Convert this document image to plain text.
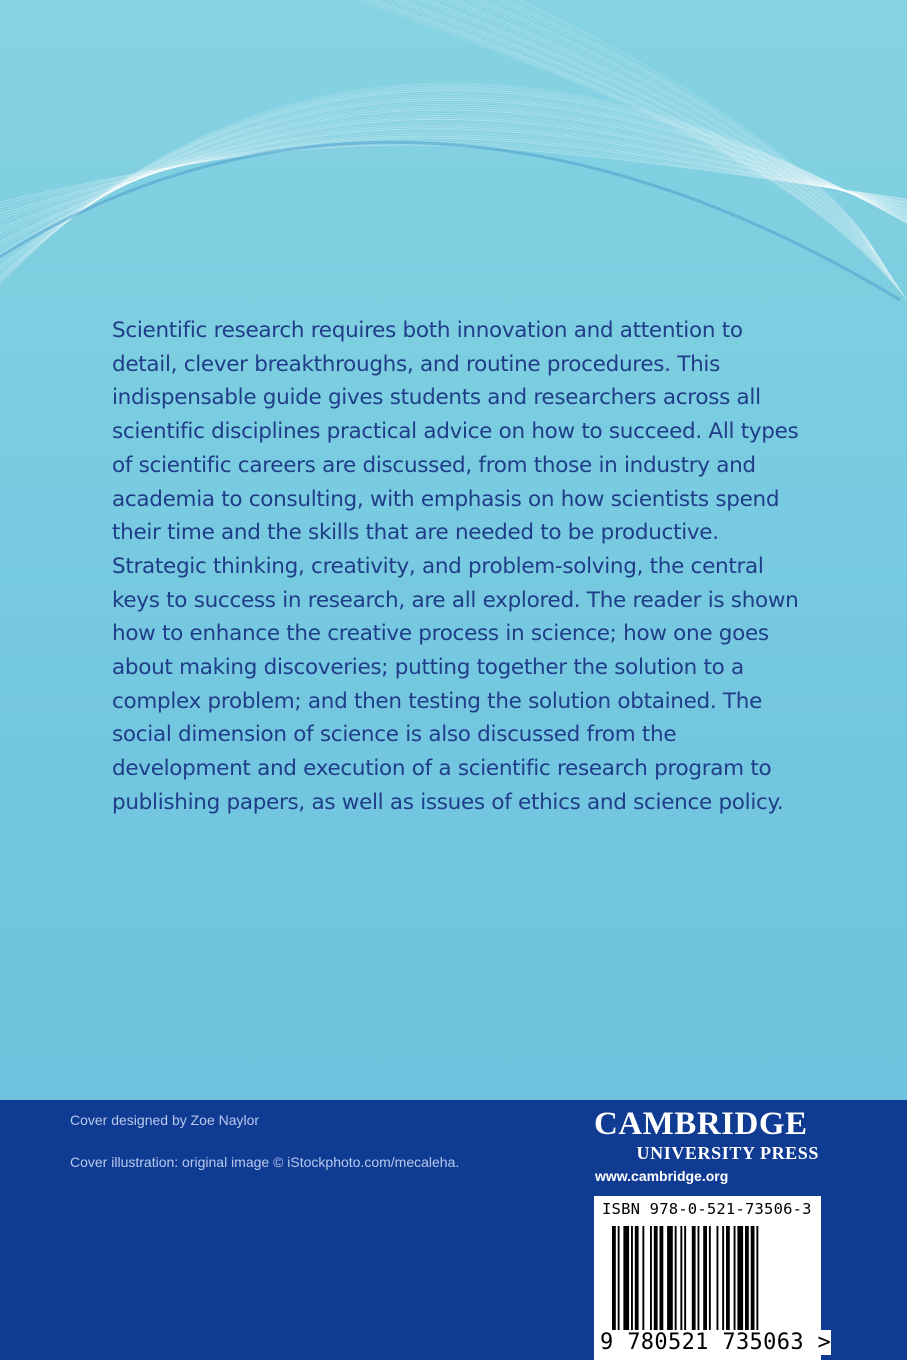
Scientific research requires both innovation and attention to detail, clever breakthroughs, and routine procedures. This indispensable guide gives students and researchers across all scientific disciplines practical advice on how to succeed. All types of scientific careers are discussed, from those in industry and academia to consulting, with emphasis on how scientists spend their time and the skills that are needed to be productive. Strategic thinking, creativity, and problem-solving, the central keys to success in research, are all explored. The reader is shown how to enhance the creative process in science; how one goes about making discoveries; putting together the solution to a complex problem; and then testing the solution obtained. The social dimension of science is also discussed from the development and execution of a scientific research program to publishing papers, as well as issues of ethics and science policy.

Cover designed by Zoe Naylor
Cover illustration: original image © iStockphoto.com/mecaleha.
CAMBRIDGE
UNIVERSITY PRESS
www.cambridge.org
ISBN 978-0-521-73506-3
9 780521 735063 >
